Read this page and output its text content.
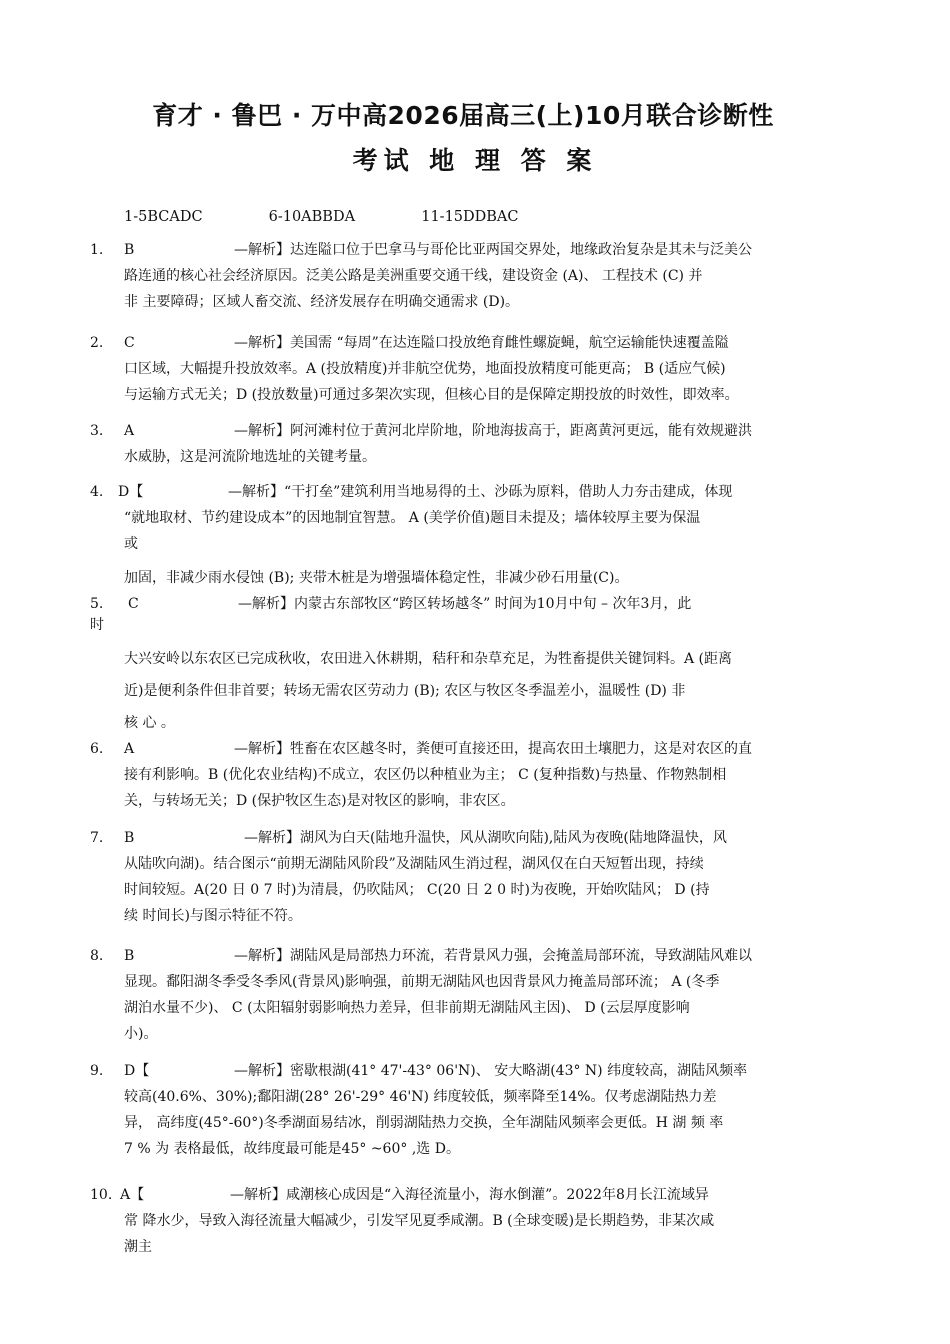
育才 · 鲁巴 · 万中高2026届高三(上)10月联合诊断性
考试 地 理 答 案
1-5BCADC	6-10ABBDA	11-15DDBAC
1.	B	—解析】达连隘口位于巴拿马与哥伦比亚两国交界处，地缘政治复杂是其未与泛美公
路连通的核心社会经济原因。泛美公路是美洲重要交通干线，建设资金 (A)、 工程技术 (C) 并
非 主要障碍；区域人畜交流、经济发展存在明确交通需求 (D)。
2.	C	—解析】美国需 “每周”在达连隘口投放绝育雌性螺旋蝇，航空运输能快速覆盖隘
口区域，大幅提升投放效率。A (投放精度)并非航空优势，地面投放精度可能更高； B (适应气候)
与运输方式无关；D (投放数量)可通过多架次实现，但核心目的是保障定期投放的时效性，即效率。
3.	A	—解析】阿河滩村位于黄河北岸阶地，阶地海拔高于，距离黄河更远，能有效规避洪
水威胁，这是河流阶地选址的关键考量。
4.	D【	—解析】“干打垒”建筑利用当地易得的土、沙砾为原料，借助人力夯击建成，体现
“就地取材、节约建设成本”的因地制宜智慧。 A (美学价值)题目未提及；墙体较厚主要为保温
或
加固，非减少雨水侵蚀 (B); 夹带木桩是为增强墙体稳定性，非减少砂石用量(C)。
5.	C	—解析】内蒙古东部牧区“跨区转场越冬” 时间为10月中旬 – 次年3月，此
时
大兴安岭以东农区已完成秋收，农田进入休耕期，秸秆和杂草充足，为牲畜提供关键饲料。A (距离
近)是便利条件但非首要；转场无需农区劳动力 (B); 农区与牧区冬季温差小，温暖性 (D) 非
核 心 。
6.	A	—解析】牲畜在农区越冬时，粪便可直接还田，提高农田土壤肥力，这是对农区的直
接有利影响。B (优化农业结构)不成立，农区仍以种植业为主； C (复种指数)与热量、作物熟制相
关，与转场无关；D (保护牧区生态)是对牧区的影响，非农区。
7.	B	—解析】湖风为白天(陆地升温快，风从湖吹向陆),陆风为夜晚(陆地降温快，风
从陆吹向湖)。结合图示“前期无湖陆风阶段”及湖陆风生消过程，湖风仅在白天短暂出现，持续
时间较短。A(20 日 0 7 时)为清晨，仍吹陆风； C(20 日 2 0 时)为夜晚，开始吹陆风； D (持
续 时间长)与图示特征不符。
8.	B	—解析】湖陆风是局部热力环流，若背景风力强，会掩盖局部环流，导致湖陆风难以
显现。鄱阳湖冬季受冬季风(背景风)影响强，前期无湖陆风也因背景风力掩盖局部环流； A (冬季
湖泊水量不少)、 C (太阳辐射弱影响热力差异，但非前期无湖陆风主因)、 D (云层厚度影响
小)。
9.	D【	—解析】密歇根湖(41° 47'-43° 06'N)、 安大略湖(43° N) 纬度较高，湖陆风频率
较高(40.6%、30%);鄱阳湖(28° 26'-29° 46'N) 纬度较低，频率降至14%。仅考虑湖陆热力差
异， 高纬度(45°-60°)冬季湖面易结冰，削弱湖陆热力交换，全年湖陆风频率会更低。H 湖 频 率
7 % 为 表格最低，故纬度最可能是45° ~60° ,选 D。
10. A【	—解析】咸潮核心成因是“入海径流量小，海水倒灌”。2022年8月长江流域异
常 降水少，导致入海径流量大幅减少，引发罕见夏季咸潮。B (全球变暖)是长期趋势，非某次咸
潮主
